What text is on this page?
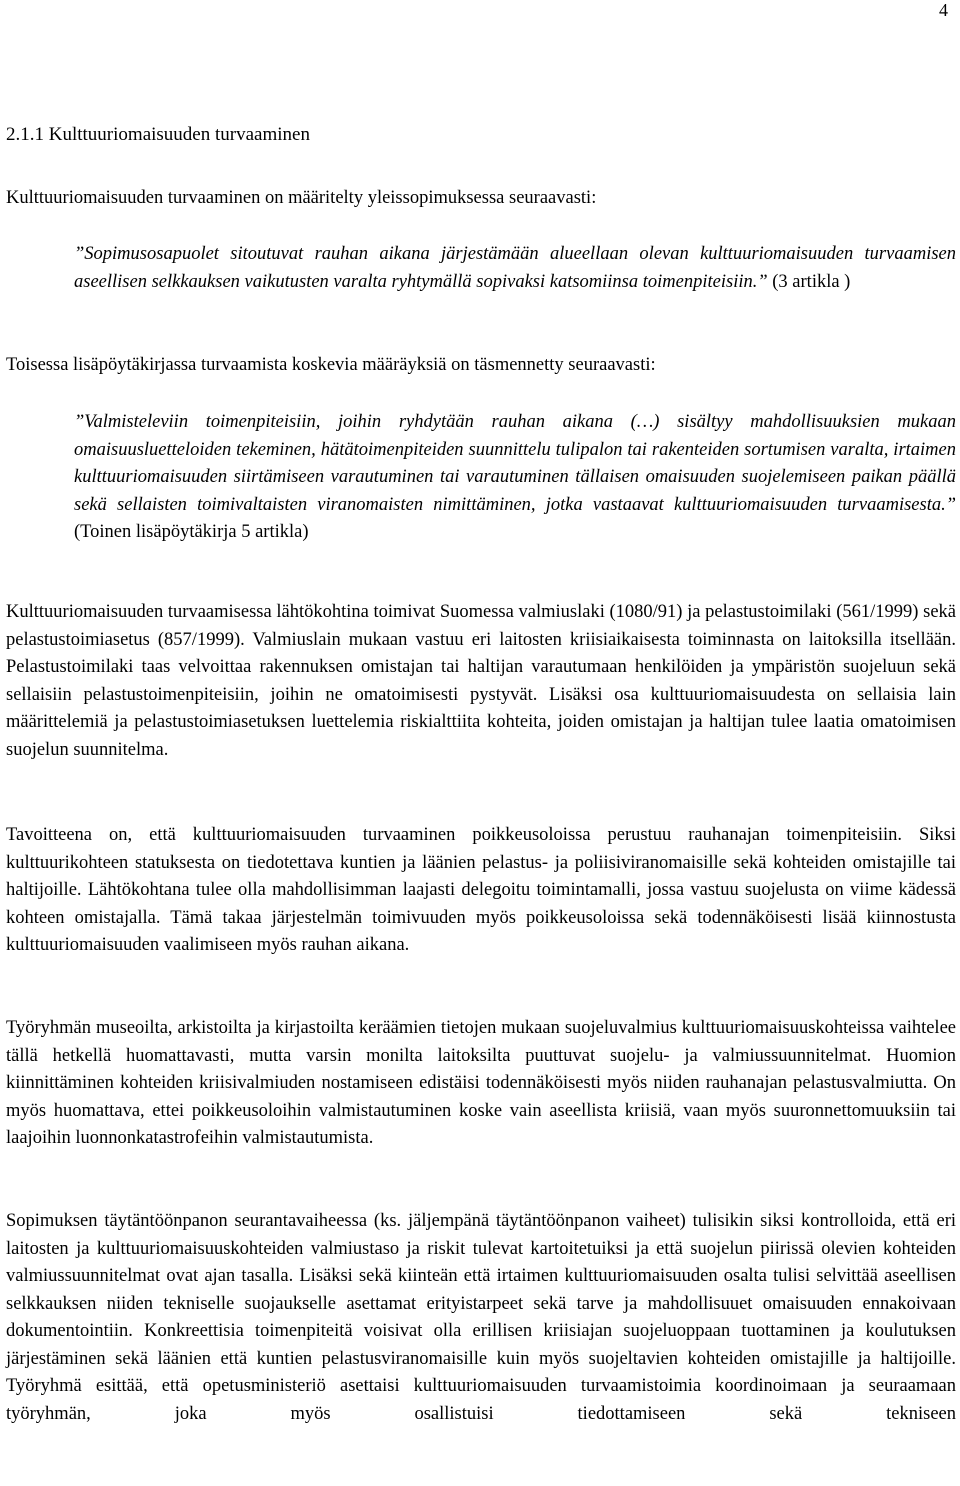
4
2.1.1 Kulttuuriomaisuuden turvaaminen
Kulttuuriomaisuuden turvaaminen on määritelty yleissopimuksessa seuraavasti:
”Sopimusosapuolet sitoutuvat rauhan aikana järjestämään alueellaan olevan kulttuuriomaisuuden turvaamisen aseellisen selkkauksen vaikutusten varalta ryhtymällä sopivaksi katsomiinsa toimenpiteisiin.” (3 artikla )
Toisessa lisäpöytäkirjassa turvaamista koskevia määräyksiä on täsmennetty seuraavasti:
”Valmisteleviin toimenpiteisiin, joihin ryhdytään rauhan aikana (…) sisältyy mahdollisuuksien mukaan omaisuusluetteloiden tekeminen, hätätoimenpiteiden suunnittelu tulipalon tai rakenteiden sortumisen varalta, irtaimen kulttuuriomaisuuden siirtämiseen varautuminen tai varautuminen tällaisen omaisuuden suojelemiseen paikan päällä sekä sellaisten toimivaltaisten viranomaisten nimittäminen, jotka vastaavat kulttuuriomaisuuden turvaamisesta.” (Toinen lisäpöytäkirja 5 artikla)
Kulttuuriomaisuuden turvaamisessa lähtökohtina toimivat Suomessa valmiuslaki (1080/91) ja pelastustoimilaki (561/1999) sekä pelastustoimiasetus (857/1999). Valmiuslain mukaan vastuu eri laitosten kriisiaikaisesta toiminnasta on laitoksilla itsellään. Pelastustoimilaki taas velvoittaa rakennuksen omistajan tai haltijan varautumaan henkilöiden ja ympäristön suojeluun sekä sellaisiin pelastustoimenpiteisiin, joihin ne omatoimisesti pystyvät. Lisäksi osa kulttuuriomaisuudesta on sellaisia lain määrittelemiä ja pelastustoimiasetuksen luettelemia riskialttiita kohteita, joiden omistajan ja haltijan tulee laatia omatoimisen suojelun suunnitelma.
Tavoitteena on, että kulttuuriomaisuuden turvaaminen poikkeusoloissa perustuu rauhanajan toimenpiteisiin. Siksi kulttuurikohteen statuksesta on tiedotettava kuntien ja läänien pelastus- ja poliisiviranomaisille sekä kohteiden omistajille tai haltijoille. Lähtökohtana tulee olla mahdollisimman laajasti delegoitu toimintamalli, jossa vastuu suojelusta on viime kädessä kohteen omistajalla. Tämä takaa järjestelmän toimivuuden myös poikkeusoloissa sekä todennäköisesti lisää kiinnostusta kulttuuriomaisuuden vaalimiseen myös rauhan aikana.
Työryhmän museoilta, arkistoilta ja kirjastoilta keräämien tietojen mukaan suojeluvalmius kulttuuriomaisuuskohteissa vaihtelee tällä hetkellä huomattavasti, mutta varsin monilta laitoksilta puuttuvat suojelu- ja valmiussuunnitelmat. Huomion kiinnittäminen kohteiden kriisivalmiuden nostamiseen edistäisi todennäköisesti myös niiden rauhanajan pelastusvalmiutta. On myös huomattava, ettei poikkeusoloihin valmistautuminen koske vain aseellista kriisiä, vaan myös suuronnettomuuksiin tai laajoihin luonnonkatastrofeihin valmistautumista.
Sopimuksen täytäntöönpanon seurantavaiheessa (ks. jäljempänä täytäntöönpanon vaiheet) tulisikin siksi kontrolloida, että eri laitosten ja kulttuuriomaisuuskohteiden valmiustaso ja riskit tulevat kartoitetuiksi ja että suojelun piirissä olevien kohteiden valmiussuunnitelmat ovat ajan tasalla. Lisäksi sekä kiinteän että irtaimen kulttuuriomaisuuden osalta tulisi selvittää aseellisen selkkauksen niiden tekniselle suojaukselle asettamat erityistarpeet sekä tarve ja mahdollisuuet omaisuuden ennakoivaan dokumentointiin. Konkreettisia toimenpiteitä voisivat olla erillisen kriisiajan suojeluoppaan tuottaminen ja koulutuksen järjestäminen sekä läänien että kuntien pelastusviranomaisille kuin myös suojeltavien kohteiden omistajille ja haltijoille. Työryhmä esittää, että opetusministeriö asettaisi kulttuuriomaisuuden turvaamistoimia koordinoimaan ja seuraamaan työryhmän, joka myös osallistuisi tiedottamiseen sekä tekniseen
